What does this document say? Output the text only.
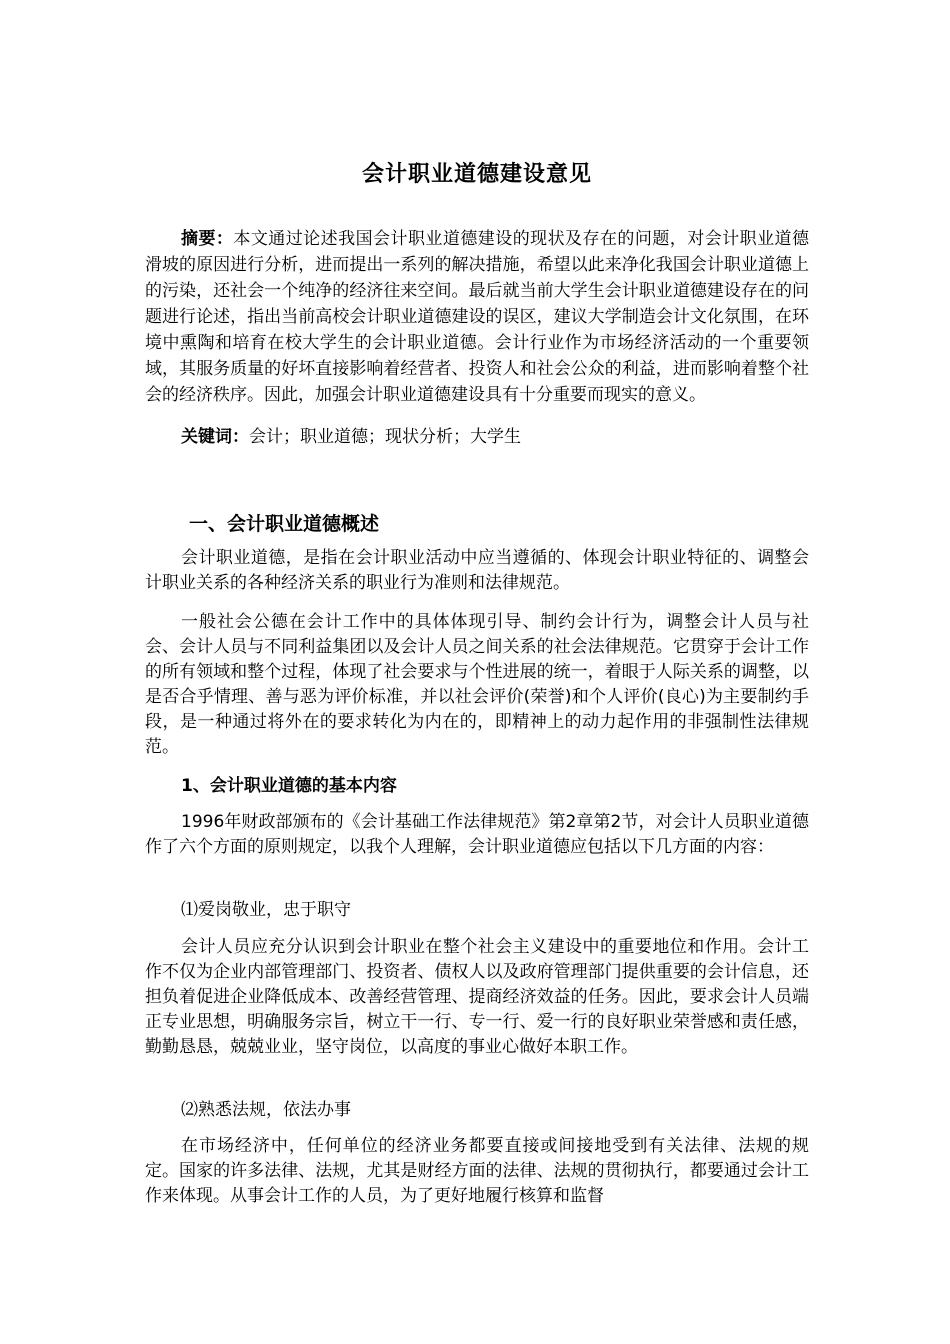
会计职业道德建设意见

摘要：本文通过论述我国会计职业道德建设的现状及存在的问题，对会计职业道德滑坡的原因进行分析，进而提出一系列的解决措施，希望以此来净化我国会计职业道德上的污染，还社会一个纯净的经济往来空间。最后就当前大学生会计职业道德建设存在的问题进行论述，指出当前高校会计职业道德建设的误区，建议大学制造会计文化氛围，在环境中熏陶和培育在校大学生的会计职业道德。会计行业作为市场经济活动的一个重要领域，其服务质量的好坏直接影响着经营者、投资人和社会公众的利益，进而影响着整个社会的经济秩序。因此，加强会计职业道德建设具有十分重要而现实的意义。

关键词：会计；职业道德；现状分析；大学生

一、会计职业道德概述

会计职业道德，是指在会计职业活动中应当遵循的、体现会计职业特征的、调整会计职业关系的各种经济关系的职业行为准则和法律规范。

一般社会公德在会计工作中的具体体现引导、制约会计行为，调整会计人员与社会、会计人员与不同利益集团以及会计人员之间关系的社会法律规范。它贯穿于会计工作的所有领域和整个过程，体现了社会要求与个性进展的统一，着眼于人际关系的调整，以是否合乎情理、善与恶为评价标准，并以社会评价(荣誉)和个人评价(良心)为主要制约手段，是一种通过将外在的要求转化为内在的，即精神上的动力起作用的非强制性法律规范。

1、会计职业道德的基本内容

1996年财政部颁布的《会计基础工作法律规范》第2章第2节，对会计人员职业道德作了六个方面的原则规定，以我个人理解，会计职业道德应包括以下几方面的内容：

⑴爱岗敬业，忠于职守

会计人员应充分认识到会计职业在整个社会主义建设中的重要地位和作用。会计工作不仅为企业内部管理部门、投资者、债权人以及政府管理部门提供重要的会计信息，还担负着促进企业降低成本、改善经营管理、提商经济效益的任务。因此，要求会计人员端正专业思想，明确服务宗旨，树立干一行、专一行、爱一行的良好职业荣誉感和责任感，勤勤恳恳，兢兢业业，坚守岗位，以高度的事业心做好本职工作。

⑵熟悉法规，依法办事

在市场经济中，任何单位的经济业务都要直接或间接地受到有关法律、法规的规定。国家的许多法律、法规，尤其是财经方面的法律、法规的贯彻执行，都要通过会计工作来体现。从事会计工作的人员，为了更好地履行核算和监督
